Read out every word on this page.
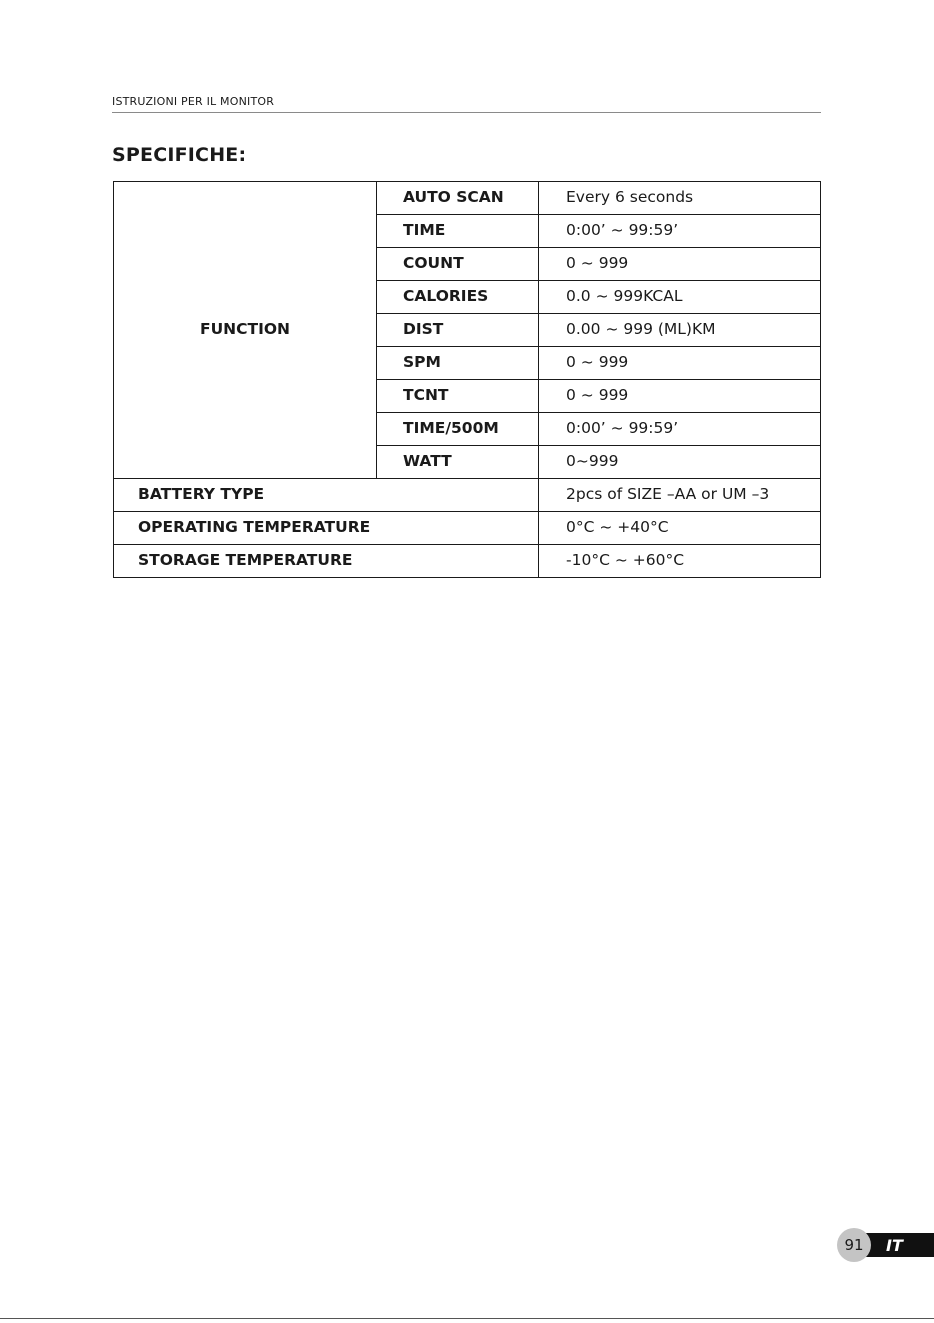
ISTRUZIONI PER IL MONITOR
SPECIFICHE:
FUNCTION	AUTO SCAN	Every 6 seconds
	TIME	0:00’ ~ 99:59’
	COUNT	0 ~ 999
	CALORIES	0.0 ~ 999KCAL
	DIST	0.00 ~ 999 (ML)KM
	SPM	0 ~ 999
	TCNT	0 ~ 999
	TIME/500M	0:00’ ~ 99:59’
	WATT	0~999
BATTERY TYPE		2pcs of SIZE –AA or UM –3
OPERATING TEMPERATURE		0°C ~ +40°C
STORAGE TEMPERATURE		-10°C ~ +60°C
91	IT
